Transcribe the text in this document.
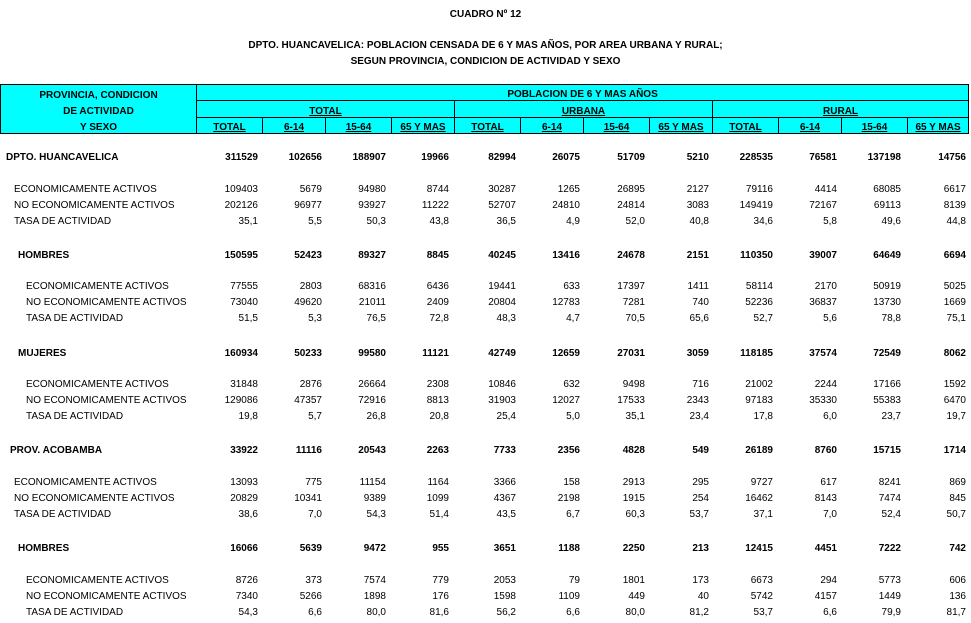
CUADRO Nº 12
DPTO. HUANCAVELICA: POBLACION CENSADA DE 6 Y MAS AÑOS, POR AREA URBANA Y RURAL;
SEGUN PROVINCIA, CONDICION DE ACTIVIDAD Y SEXO
PROVINCIA, CONDICION
DE ACTIVIDAD
Y SEXO	POBLACION DE 6 Y MAS AÑOS											
	TOTAL				URBANA				RURAL			
	TOTAL	6-14	15-64	65 Y MAS	TOTAL	6-14	15-64	65 Y MAS	TOTAL	6-14	15-64	65 Y MAS
DPTO. HUANCAVELICA	311529	102656	188907	19966	82994	26075	51709	5210	228535	76581	137198	14756
ECONOMICAMENTE ACTIVOS	109403	5679	94980	8744	30287	1265	26895	2127	79116	4414	68085	6617
NO ECONOMICAMENTE ACTIVOS	202126	96977	93927	11222	52707	24810	24814	3083	149419	72167	69113	8139
TASA DE ACTIVIDAD	35,1	5,5	50,3	43,8	36,5	4,9	52,0	40,8	34,6	5,8	49,6	44,8
HOMBRES	150595	52423	89327	8845	40245	13416	24678	2151	110350	39007	64649	6694
ECONOMICAMENTE ACTIVOS	77555	2803	68316	6436	19441	633	17397	1411	58114	2170	50919	5025
NO ECONOMICAMENTE ACTIVOS	73040	49620	21011	2409	20804	12783	7281	740	52236	36837	13730	1669
TASA DE ACTIVIDAD	51,5	5,3	76,5	72,8	48,3	4,7	70,5	65,6	52,7	5,6	78,8	75,1
MUJERES	160934	50233	99580	11121	42749	12659	27031	3059	118185	37574	72549	8062
ECONOMICAMENTE ACTIVOS	31848	2876	26664	2308	10846	632	9498	716	21002	2244	17166	1592
NO ECONOMICAMENTE ACTIVOS	129086	47357	72916	8813	31903	12027	17533	2343	97183	35330	55383	6470
TASA DE ACTIVIDAD	19,8	5,7	26,8	20,8	25,4	5,0	35,1	23,4	17,8	6,0	23,7	19,7
PROV. ACOBAMBA	33922	11116	20543	2263	7733	2356	4828	549	26189	8760	15715	1714
ECONOMICAMENTE ACTIVOS	13093	775	11154	1164	3366	158	2913	295	9727	617	8241	869
NO ECONOMICAMENTE ACTIVOS	20829	10341	9389	1099	4367	2198	1915	254	16462	8143	7474	845
TASA DE ACTIVIDAD	38,6	7,0	54,3	51,4	43,5	6,7	60,3	53,7	37,1	7,0	52,4	50,7
HOMBRES	16066	5639	9472	955	3651	1188	2250	213	12415	4451	7222	742
ECONOMICAMENTE ACTIVOS	8726	373	7574	779	2053	79	1801	173	6673	294	5773	606
NO ECONOMICAMENTE ACTIVOS	7340	5266	1898	176	1598	1109	449	40	5742	4157	1449	136
TASA DE ACTIVIDAD	54,3	6,6	80,0	81,6	56,2	6,6	80,0	81,2	53,7	6,6	79,9	81,7
